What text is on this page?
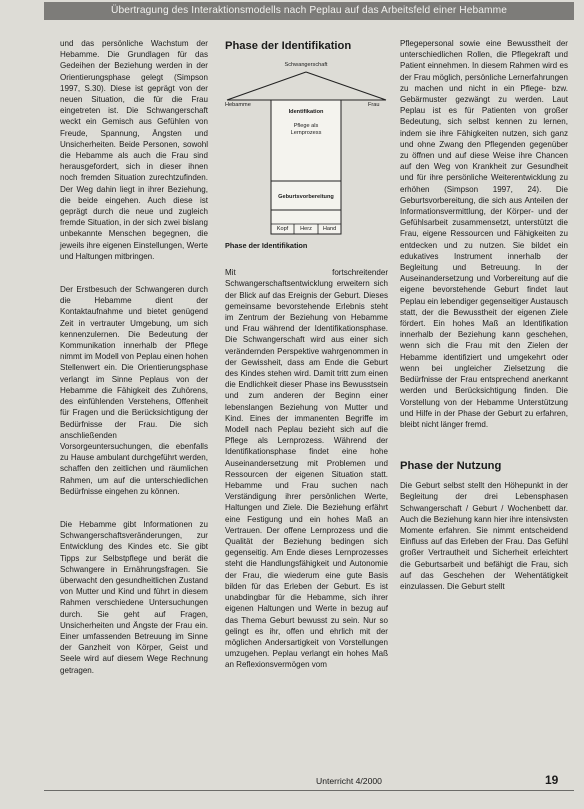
Übertragung des Interaktionsmodells nach Peplau auf das Arbeitsfeld einer Hebamme

und das persönliche Wachstum der Hebamme. Die Grundlagen für das Gedeihen der Beziehung werden in der Orientierungsphase gelegt (Simpson 1997, S.30). Diese ist geprägt von der neuen Situation, die für die Frau eingetreten ist. Die Schwangerschaft weckt ein Gemisch aus Gefühlen von Freude, Spannung, Ängsten und Unsicherheiten. Beide Personen, sowohl die Hebamme als auch die Frau sind herausgefordert, sich in dieser ihnen noch fremden Situation zurechtzufinden. Der Weg dahin liegt in ihrer Beziehung, die beide eingehen. Auch diese ist geprägt durch die neue und zugleich fremde Situation, in der sich zwei bislang unbekannte Menschen begegnen, die jeweils ihre eigenen Einstellungen, Werte und Haltungen mitbringen.

Der Erstbesuch der Schwangeren durch die Hebamme dient der Kontaktaufnahme und bietet genügend Zeit in vertrauter Umgebung, um sich kennenzulernen. Die Bedeutung der Kommunikation innerhalb der Pflege nimmt im Modell von Peplau einen hohen Stellenwert ein. Die Orientierungsphase verlangt im Sinne Peplaus von der Hebamme die Fähigkeit des Zuhörens, des einfühlenden Verstehens, Offenheit für Fragen und die Berücksichtigung der Bedürfnisse der Frau. Die sich anschließenden Vorsorgeuntersuchungen, die ebenfalls zu Hause ambulant durchgeführt werden, schaffen den zeitlichen und räumlichen Rahmen, um auf die unterschiedlichen Bedürfnisse eingehen zu können.

Die Hebamme gibt Informationen zu Schwangerschaftsveränderungen, zur Entwicklung des Kindes etc. Sie gibt Tipps zur Selbstpflege und berät die Schwangere in Ernährungsfragen. Sie überwacht den gesundheitlichen Zustand von Mutter und Kind und führt in diesem Rahmen verschiedene Untersuchungen durch. Sie geht auf Fragen, Unsicherheiten und Ängste der Frau ein. Einer umfassenden Betreuung im Sinne der Ganzheit von Körper, Geist und Seele wird auf diesem Wege Rechnung getragen.

Phase der Identifikation
Schwangerschaft
Hebamme	Frau
Identifikation
Pflege als Lernprozess
Geburtsvorbereitung
Kopf	Herz	Hand
Phase der Identifikation

Mit fortschreitender Schwangerschaftsentwicklung erweitern sich der Blick auf das Ereignis der Geburt. Dieses gemeinsame bevorstehende Erlebnis steht im Zentrum der Beziehung von Hebamme und Frau während der Identifikationsphase. Die Schwangerschaft wird aus einer sich verändernden Perspektive wahrgenommen in der Gewissheit, dass am Ende die Geburt des Kindes stehen wird. Damit tritt zum einen die Endlichkeit dieser Phase ins Bewusstsein und zum anderen der Beginn einer lebenslangen Beziehung von Mutter und Kind. Eines der immanenten Begriffe im Modell nach Peplau bezieht sich auf die Pflege als Lernprozess. Während der Identifikationsphase findet eine hohe Auseinandersetzung mit Problemen und Ressourcen der eigenen Situation statt. Hebamme und Frau suchen nach Verständigung ihrer persönlichen Werte, Haltungen und Ziele. Die Beziehung erfährt eine Festigung und ein hohes Maß an Vertrauen. Der offene Lernprozess und die Qualität der Beziehung bedingen sich gegenseitig. Am Ende dieses Lernprozesses steht die Handlungsfähigkeit und Autonomie der Frau, die wiederum eine gute Basis bilden für das Erleben der Geburt. Es ist unabdingbar für die Hebamme, sich ihrer eigenen Haltungen und Werte in bezug auf das Thema Geburt bewusst zu sein. Nur so gelingt es ihr, offen und ehrlich mit der möglichen Andersartigkeit von Vorstellungen umzugehen. Peplau verlangt ein hohes Maß an Reflexionsvermögen vom

Pflegepersonal sowie eine Bewusstheit der unterschiedlichen Rollen, die Pflegekraft und Patient einnehmen. In diesem Rahmen wird es der Frau möglich, persönliche Lernerfahrungen zu machen und nicht in ein Pflege- bzw. Gebärmuster gezwängt zu werden. Laut Peplau ist es für Patienten von großer Bedeutung, sich selbst kennen zu lernen, indem sie ihre Fähigkeiten nutzen, sich ganz und ohne Zwang den Pflegenden gegenüber zu öffnen und auf diese Weise ihre Chancen auf den Weg von Krankheit zur Gesundheit und für ihre persönliche Weiterentwicklung zu erhöhen (Simpson 1997, 24). Die Geburtsvorbereitung, die sich aus Anteilen der Informationsvermittlung, der Körper- und der Gefühlsarbeit zusammensetzt, unterstützt die Frau, eigene Ressourcen und Fähigkeiten zu entdecken und zu nutzen. Sie bildet ein edukatives Instrument innerhalb der Begleitung und Betreuung. In der Auseinandersetzung und Vorbereitung auf die eigene bevorstehende Geburt findet laut Peplau ein lebendiger gegenseitiger Austausch statt, der die Bewusstheit der eigenen Ziele fördert. Ein hohes Maß an Identifikation innerhalb der Beziehung kann geschehen, wenn sich die Frau mit den Zielen der Hebamme identifiziert und umgekehrt oder wenn bei ungleicher Zielsetzung die Bedürfnisse der Frau entsprechend anerkannt werden und Berücksichtigung finden. Die Vorstellung von der Hebamme Unterstützung und Hilfe in der Phase der Geburt zu erfahren, bleibt nicht länger fremd.

Phase der Nutzung

Die Geburt selbst stellt den Höhepunkt in der Begleitung der drei Lebensphasen Schwangerschaft / Geburt / Wochenbett dar. Auch die Beziehung kann hier ihre intensivsten Momente erfahren. Sie nimmt entscheidend Einfluss auf das Erleben der Frau. Das Gefühl großer Vertrautheit und Sicherheit erleichtert die Geburtsarbeit und befähigt die Frau, sich auf das Geschehen der Wehentätigkeit einzulassen. Die Geburt stellt

Unterricht 4/2000	19
